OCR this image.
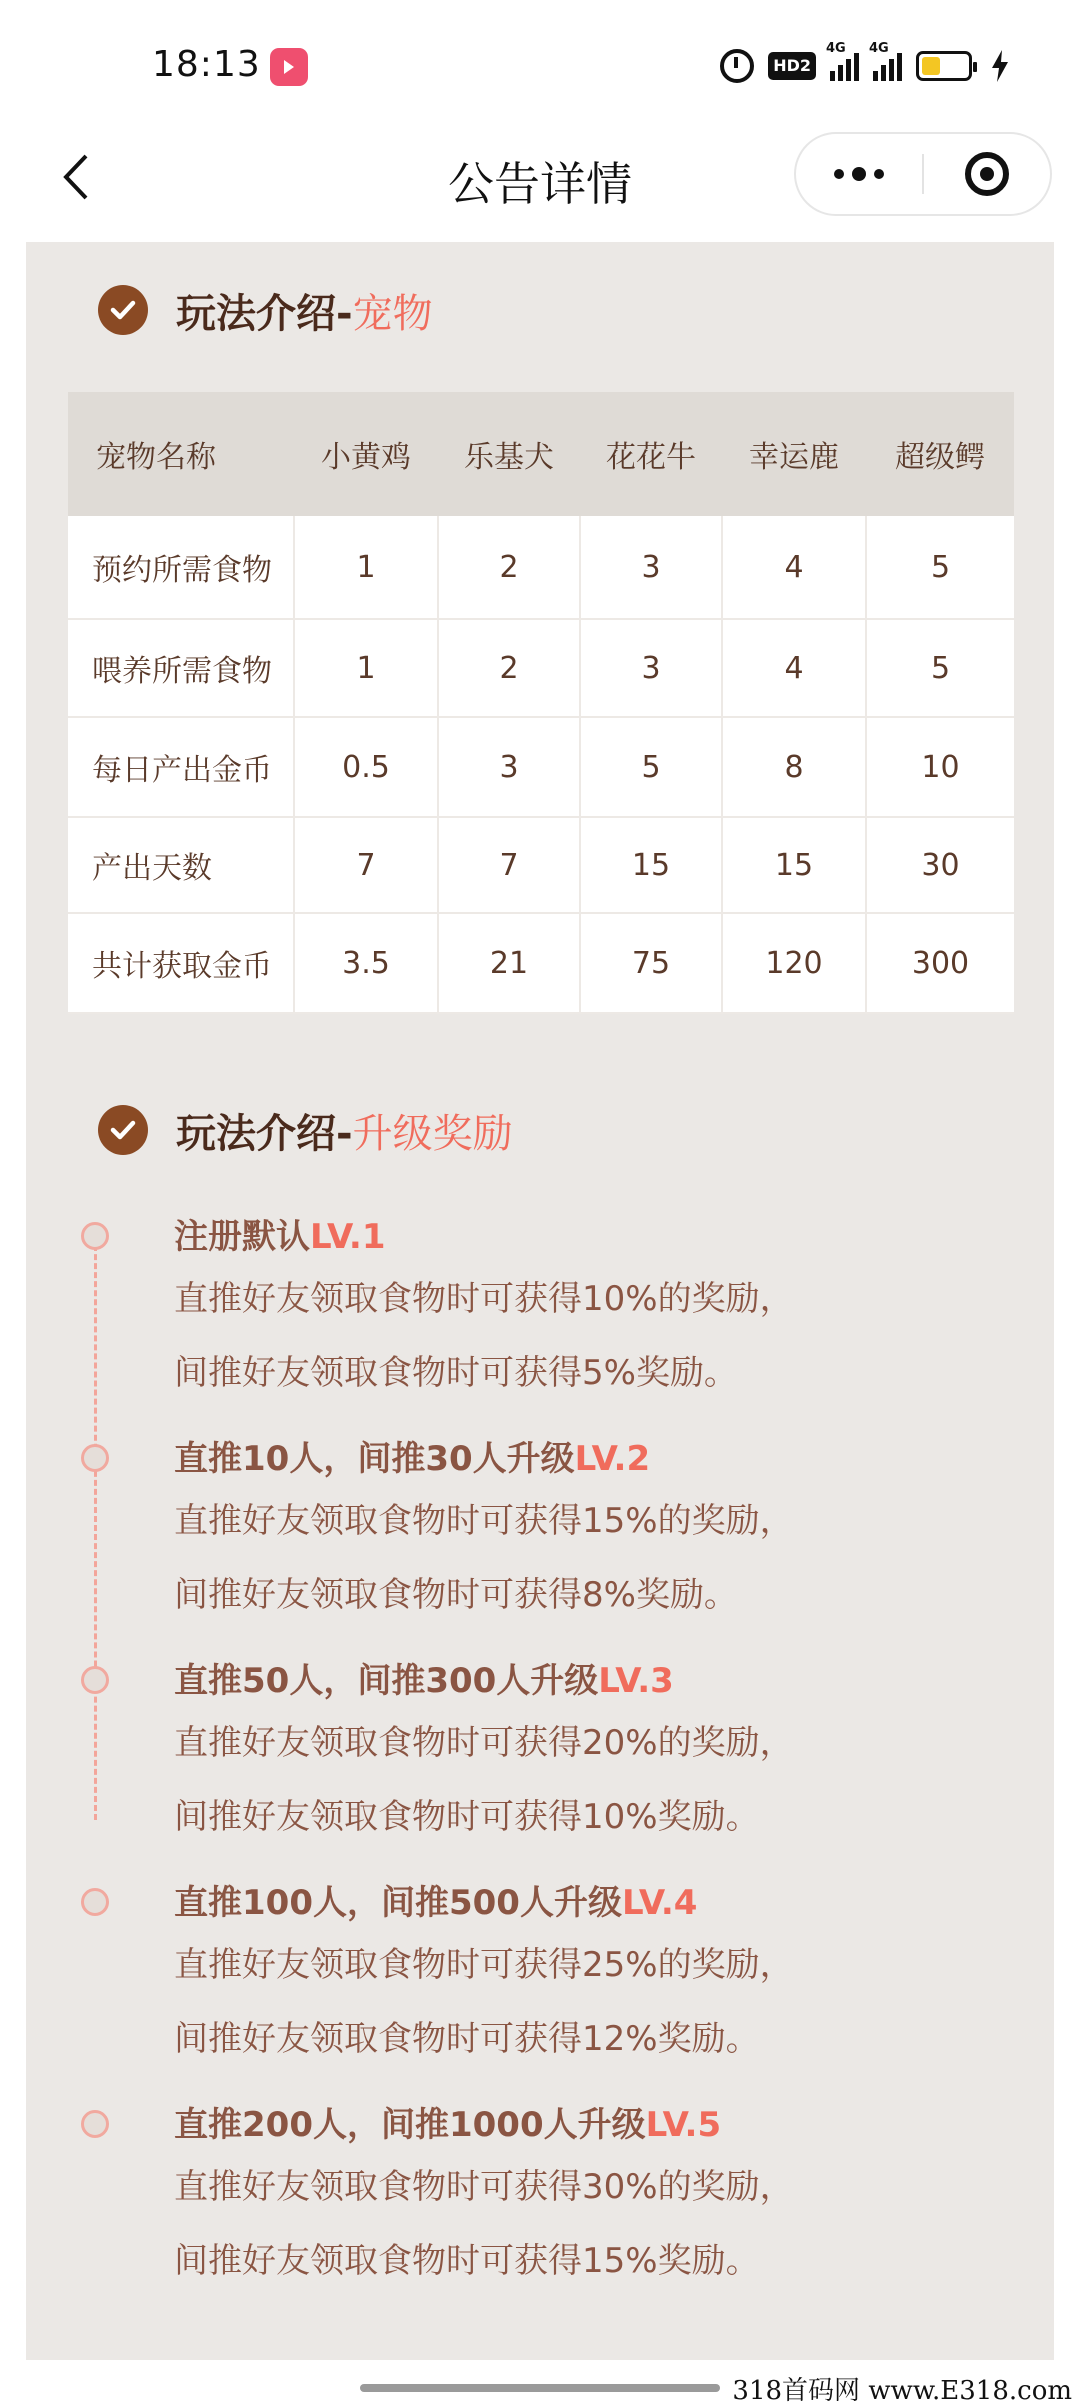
18:13	HD2
4G 4G
公告详情
玩法介绍-宠物
宠物名称	小黄鸡	乐基犬	花花牛	幸运鹿	超级鳄
预约所需食物	1	2	3	4	5
喂养所需食物	1	2	3	4	5
每日产出金币	0.5	3	5	8	10
产出天数	7	7	15	15	30
共计获取金币	3.5	21	75	120	300
玩法介绍-升级奖励
注册默认LV.1
直推好友领取食物时可获得10%的奖励，
间推好友领取食物时可获得5%奖励。
直推10人，间推30人升级LV.2
直推好友领取食物时可获得15%的奖励，
间推好友领取食物时可获得8%奖励。
直推50人，间推300人升级LV.3
直推好友领取食物时可获得20%的奖励，
间推好友领取食物时可获得10%奖励。
直推100人，间推500人升级LV.4
直推好友领取食物时可获得25%的奖励，
间推好友领取食物时可获得12%奖励。
直推200人，间推1000人升级LV.5
直推好友领取食物时可获得30%的奖励，
间推好友领取食物时可获得15%奖励。
318首码网 www.E318.com
